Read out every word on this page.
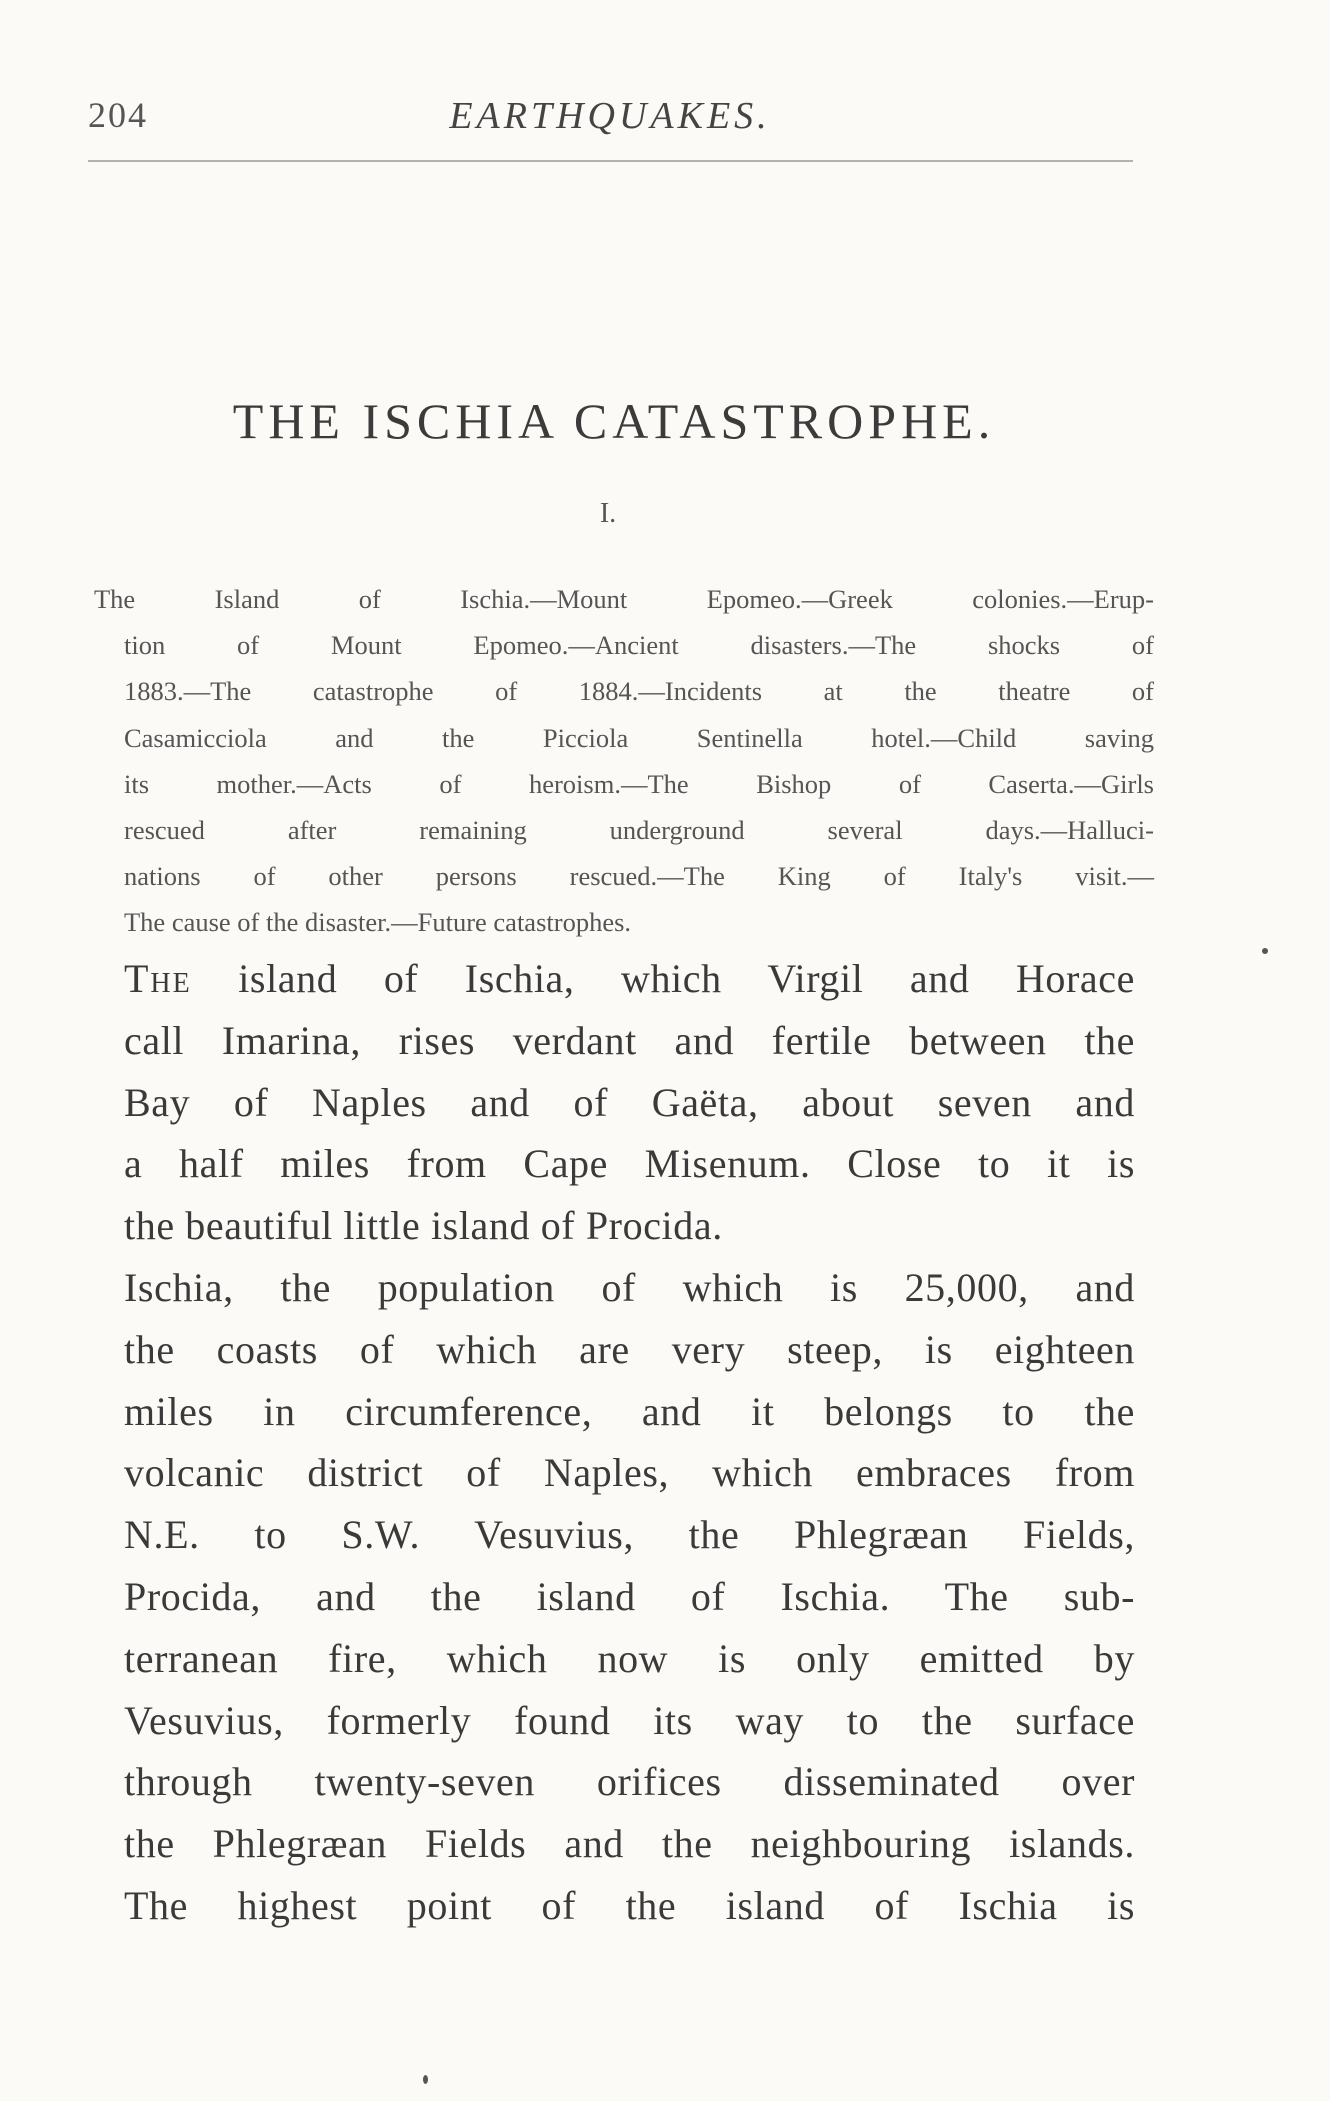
204	EARTHQUAKES.
THE ISCHIA CATASTROPHE.
I.

The Island of Ischia.—Mount Epomeo.—Greek colonies.—Erup-
tion of Mount Epomeo.—Ancient disasters.—The shocks of
1883.—The catastrophe of 1884.—Incidents at the theatre of
Casamicciola and the Picciola Sentinella hotel.—Child saving
its mother.—Acts of heroism.—The Bishop of Caserta.—Girls
rescued after remaining underground several days.—Halluci-
nations of other persons rescued.—The King of Italy's visit.—
The cause of the disaster.—Future catastrophes.

The island of Ischia, which Virgil and Horace
call Imarina, rises verdant and fertile between the
Bay of Naples and of Gaëta, about seven and
a half miles from Cape Misenum. Close to it is
the beautiful little island of Procida.
Ischia, the population of which is 25,000, and
the coasts of which are very steep, is eighteen
miles in circumference, and it belongs to the
volcanic district of Naples, which embraces from
N.E. to S.W. Vesuvius, the Phlegræan Fields,
Procida, and the island of Ischia. The sub-
terranean fire, which now is only emitted by
Vesuvius, formerly found its way to the surface
through twenty-seven orifices disseminated over
the Phlegræan Fields and the neighbouring islands.
The highest point of the island of Ischia is
